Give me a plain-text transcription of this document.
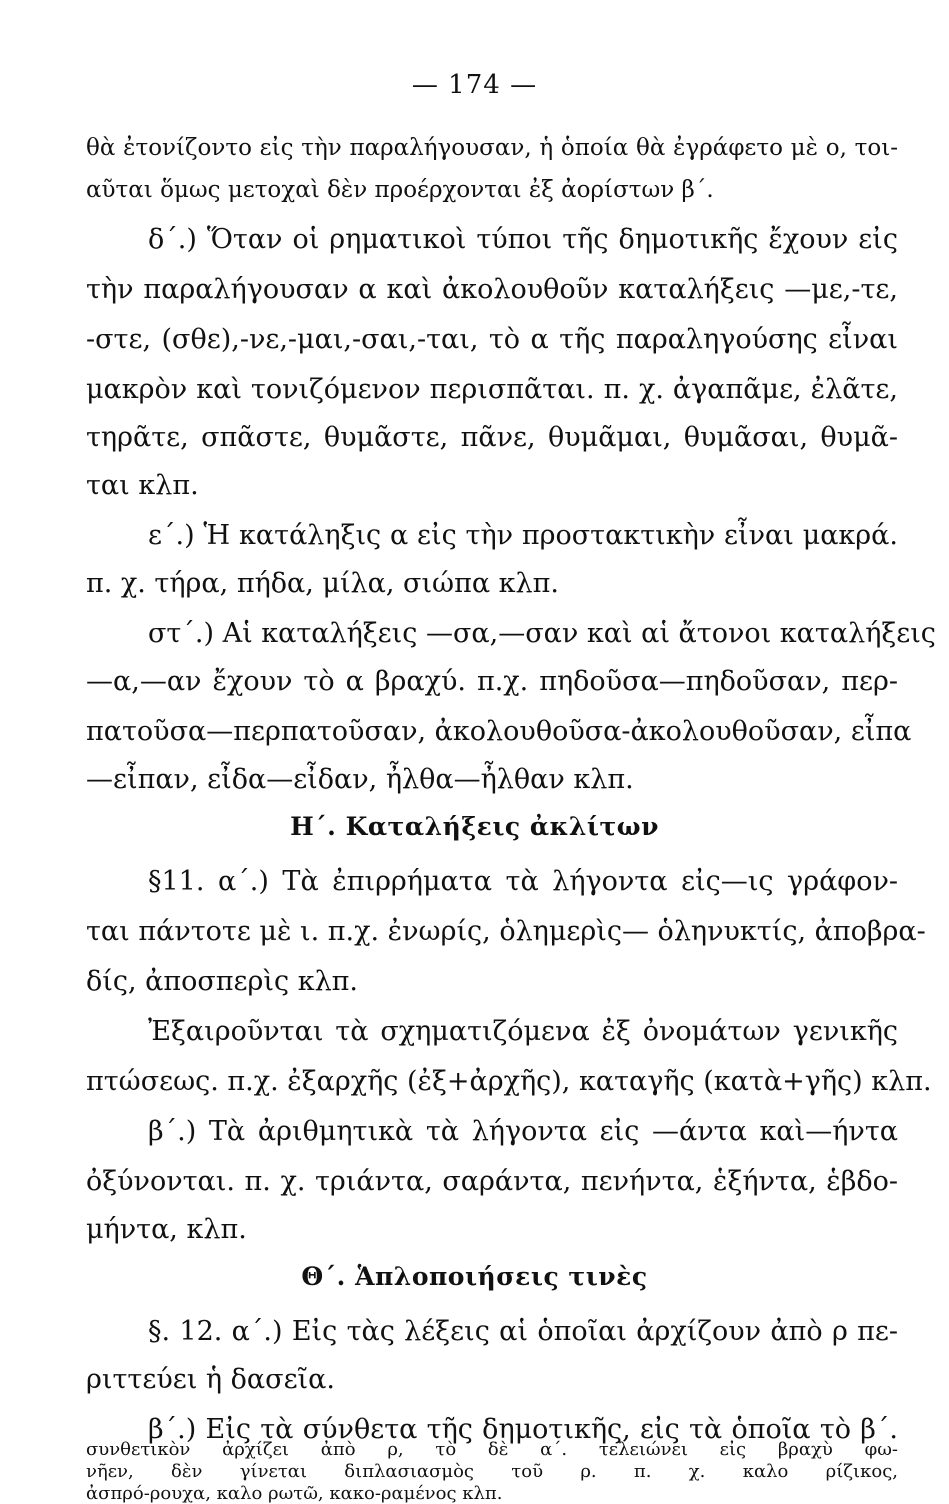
— 174 —
θὰ ἐτονίζοντο εἰς τὴν παραλήγουσαν, ἡ ὁποία θὰ ἐγράφετο μὲ ο, τοι-
αῦται ὅμως μετοχαὶ δὲν προέρχονται ἐξ ἀορίστων β΄.
δ΄.) Ὅταν οἱ ρηματικοὶ τύποι τῆς δημοτικῆς ἔχουν εἰς
τὴν παραλήγουσαν α καὶ ἀκολουθοῦν καταλήξεις —με,-τε,
-στε, (σθε),-νε,-μαι,-σαι,-ται, τὸ α τῆς παραληγούσης εἶναι
μακρὸν καὶ τονιζόμενον περισπᾶται. π. χ. ἀγαπᾶμε, ἐλᾶτε,
τηρᾶτε, σπᾶστε, θυμᾶστε, πᾶνε, θυμᾶμαι, θυμᾶσαι, θυμᾶ-
ται κλπ.
ε΄.) Ἡ κατάληξις α εἰς τὴν προστακτικὴν εἶναι μακρά.
π. χ. τήρα, πήδα, μίλα, σιώπα κλπ.
στ΄.) Αἱ καταλήξεις —σα,—σαν καὶ αἱ ἄτονοι καταλήξεις
—α,—αν ἔχουν τὸ α βραχύ. π.χ. πηδοῦσα—πηδοῦσαν, περ-
πατοῦσα—περπατοῦσαν, ἀκολουθοῦσα-ἀκολουθοῦσαν, εἶπα
—εἶπαν, εἶδα—εἶδαν, ἦλθα—ἦλθαν κλπ.
Η΄. Καταλήξεις ἀκλίτων
§11. α΄.) Τὰ ἐπιρρήματα τὰ λήγοντα εἰς—ις γράφον-
ται πάντοτε μὲ ι. π.χ. ἐνωρίς, ὁλημερὶς— ὁληνυκτίς, ἀποβρα-
δίς, ἀποσπερὶς κλπ.
Ἐξαιροῦνται τὰ σχηματιζόμενα ἐξ ὀνομάτων γενικῆς
πτώσεως. π.χ. ἐξαρχῆς (ἐξ+ἀρχῆς), καταγῆς (κατὰ+γῆς) κλπ.
β΄.) Τὰ ἀριθμητικὰ τὰ λήγοντα εἰς —άντα καὶ—ήντα
ὀξύνονται. π. χ. τριάντα, σαράντα, πενήντα, ἑξήντα, ἑβδο-
μήντα, κλπ.
Θ΄. Ἁπλοποιήσεις τινὲς
§. 12. α΄.) Εἰς τὰς λέξεις αἱ ὁποῖαι ἀρχίζουν ἀπὸ ρ πε-
ριττεύει ἡ δασεῖα.
β΄.) Εἰς τὰ σύνθετα τῆς δημοτικῆς, εἰς τὰ ὁποῖα τὸ β΄.
συνθετικὸν ἀρχίζει ἀπὸ ρ, τὸ δὲ α΄. τελειώνει εἰς βραχὺ φω-
νῆεν, δὲν γίνεται διπλασιασμὸς τοῦ ρ. π. χ. καλο ρίζικος,
ἀσπρό-ρουχα, καλο ρωτῶ, κακο-ραμένος κλπ.
